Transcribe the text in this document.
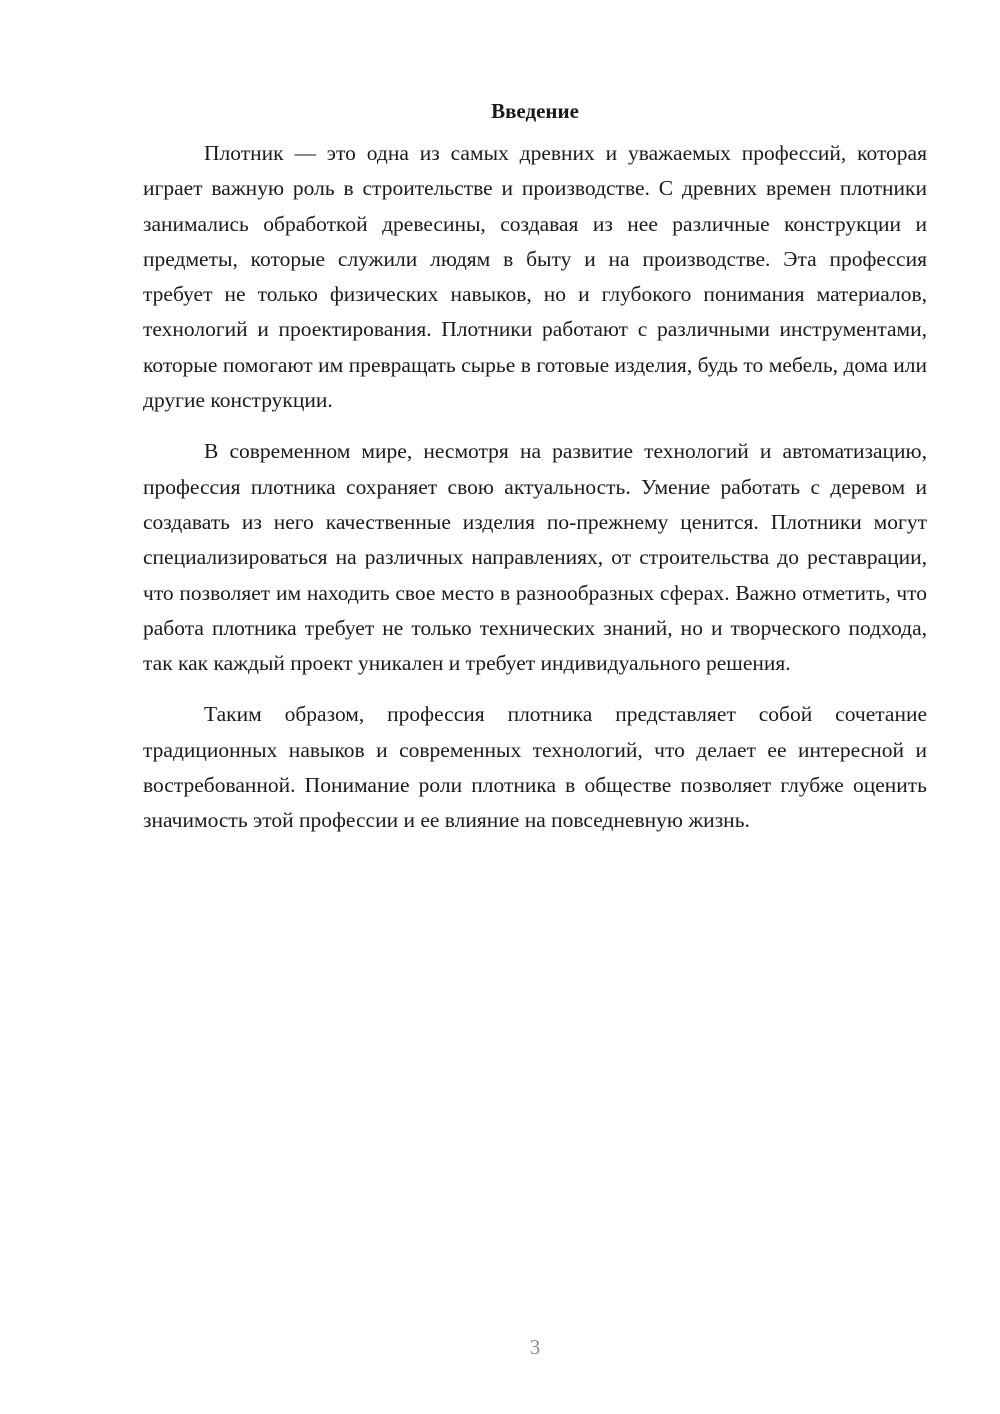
Введение

Плотник — это одна из самых древних и уважаемых профессий, которая играет важную роль в строительстве и производстве. С древних времен плотники занимались обработкой древесины, создавая из нее различные конструкции и предметы, которые служили людям в быту и на производстве. Эта профессия требует не только физических навыков, но и глубокого понимания материалов, технологий и проектирования. Плотники работают с различными инструментами, которые помогают им превращать сырье в готовые изделия, будь то мебель, дома или другие конструкции.

В современном мире, несмотря на развитие технологий и автоматизацию, профессия плотника сохраняет свою актуальность. Умение работать с деревом и создавать из него качественные изделия по-прежнему ценится. Плотники могут специализироваться на различных направлениях, от строительства до реставрации, что позволяет им находить свое место в разнообразных сферах. Важно отметить, что работа плотника требует не только технических знаний, но и творческого подхода, так как каждый проект уникален и требует индивидуального решения.

Таким образом, профессия плотника представляет собой сочетание традиционных навыков и современных технологий, что делает ее интересной и востребованной. Понимание роли плотника в обществе позволяет глубже оценить значимость этой профессии и ее влияние на повседневную жизнь.

3
